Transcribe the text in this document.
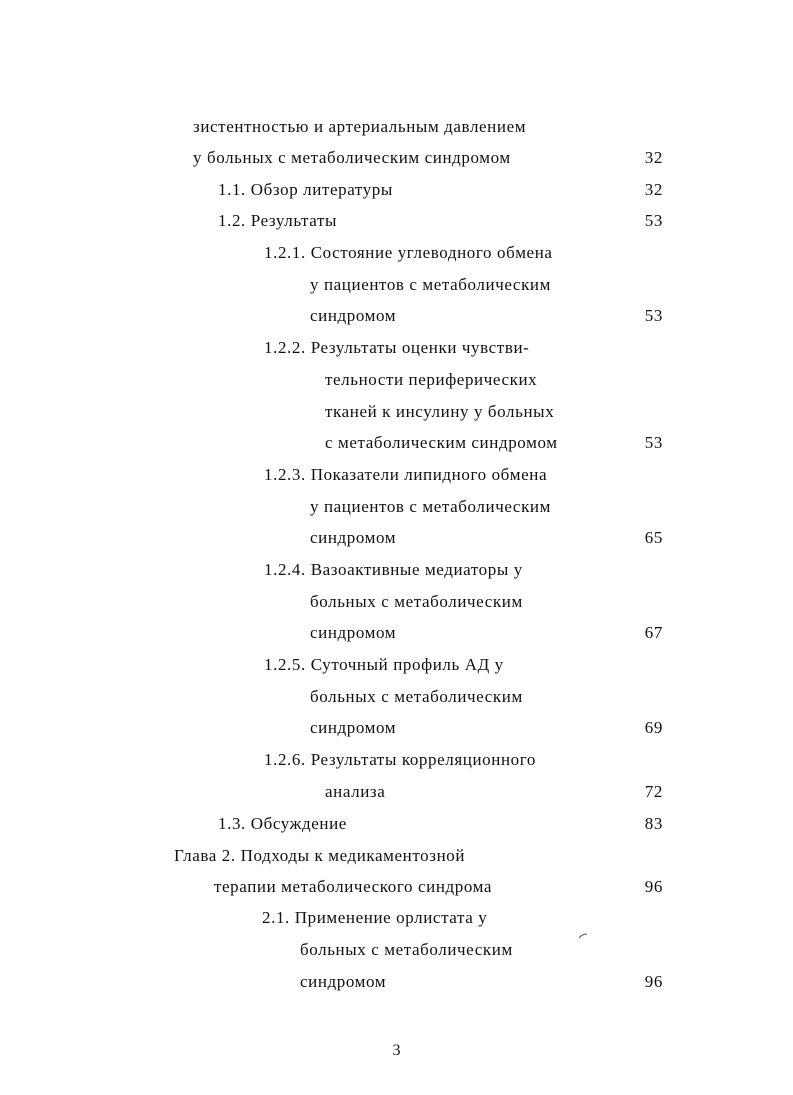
зистентностью и артериальным давлением
у больных с метаболическим синдромом	32
1.1. Обзор литературы	32
1.2. Результаты	53
1.2.1. Состояние углеводного обмена
у пациентов с метаболическим
синдромом	53
1.2.2. Результаты оценки чувстви-
тельности периферических
тканей к инсулину у больных
с метаболическим синдромом	53
1.2.3. Показатели липидного обмена
у пациентов с метаболическим
синдромом	65
1.2.4. Вазоактивные медиаторы у
больных с метаболическим
синдромом	67
1.2.5. Суточный профиль АД у
больных с метаболическим
синдромом	69
1.2.6. Результаты корреляционного
анализа	72
1.3. Обсуждение	83
Глава 2. Подходы к медикаментозной
терапии метаболического синдрома	96
2.1. Применение орлистата у
больных с метаболическим
синдромом	96
3
